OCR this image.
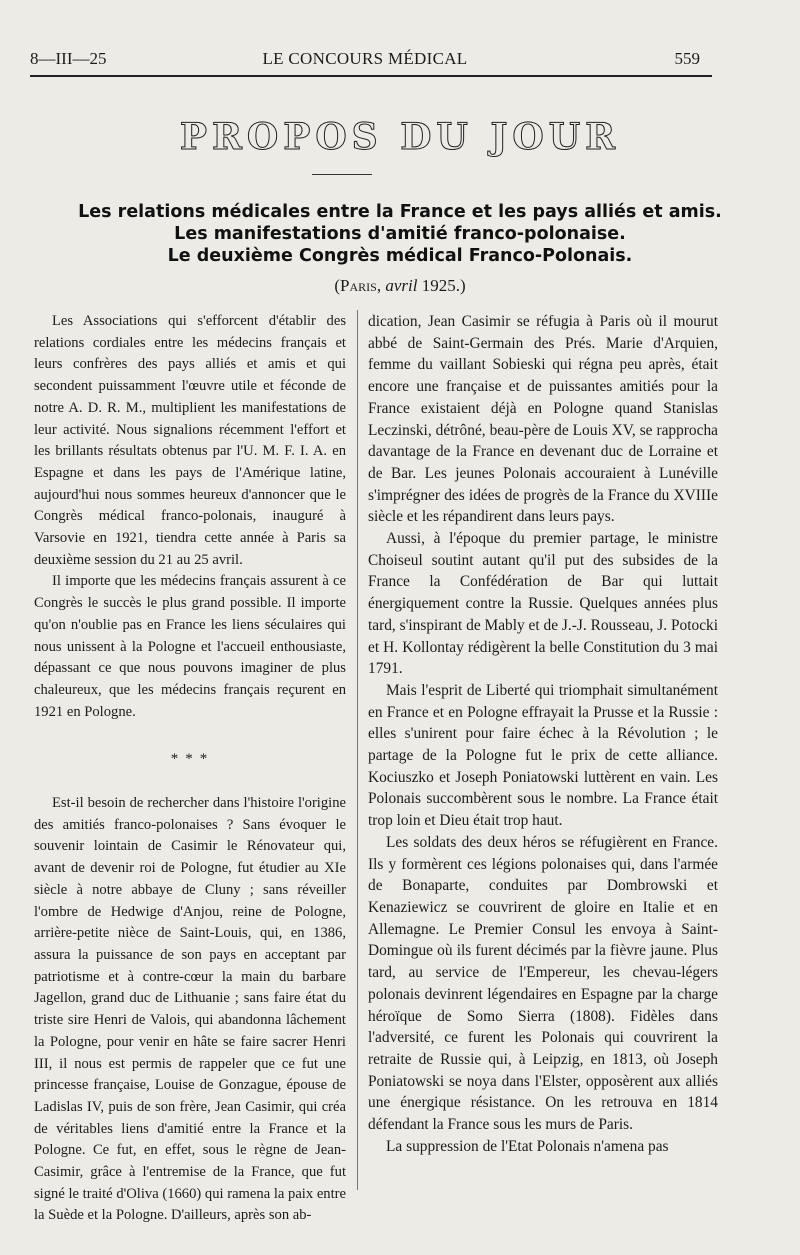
8—III—25	LE CONCOURS MÉDICAL	559
PROPOS DU JOUR
Les relations médicales entre la France et les pays alliés et amis.
Les manifestations d'amitié franco-polonaise.
Le deuxième Congrès médical Franco-Polonais.
(Paris, avril 1925.)

Les Associations qui s'efforcent d'établir des relations cordiales entre les médecins français et leurs confrères des pays alliés et amis et qui secondent puissamment l'œuvre utile et féconde de notre A. D. R. M., multiplient les manifestations de leur activité. Nous signalions récemment l'effort et les brillants résultats obtenus par l'U. M. F. I. A. en Espagne et dans les pays de l'Amérique latine, aujourd'hui nous sommes heureux d'annoncer que le Congrès médical franco-polonais, inauguré à Varsovie en 1921, tiendra cette année à Paris sa deuxième session du 21 au 25 avril.

Il importe que les médecins français assurent à ce Congrès le succès le plus grand possible. Il importe qu'on n'oublie pas en France les liens séculaires qui nous unissent à la Pologne et l'accueil enthousiaste, dépassant ce que nous pouvons imaginer de plus chaleureux, que les médecins français reçurent en 1921 en Pologne.

* * *

Est-il besoin de rechercher dans l'histoire l'origine des amitiés franco-polonaises ? Sans évoquer le souvenir lointain de Casimir le Rénovateur qui, avant de devenir roi de Pologne, fut étudier au XIe siècle à notre abbaye de Cluny ; sans réveiller l'ombre de Hedwige d'Anjou, reine de Pologne, arrière-petite nièce de Saint-Louis, qui, en 1386, assura la puissance de son pays en acceptant par patriotisme et à contre-cœur la main du barbare Jagellon, grand duc de Lithuanie ; sans faire état du triste sire Henri de Valois, qui abandonna lâchement la Pologne, pour venir en hâte se faire sacrer Henri III, il nous est permis de rappeler que ce fut une princesse française, Louise de Gonzague, épouse de Ladislas IV, puis de son frère, Jean Casimir, qui créa de véritables liens d'amitié entre la France et la Pologne. Ce fut, en effet, sous le règne de Jean-Casimir, grâce à l'entremise de la France, que fut signé le traité d'Oliva (1660) qui ramena la paix entre la Suède et la Pologne. D'ailleurs, après son ab-

dication, Jean Casimir se réfugia à Paris où il mourut abbé de Saint-Germain des Prés. Marie d'Arquien, femme du vaillant Sobieski qui régna peu après, était encore une française et de puissantes amitiés pour la France existaient déjà en Pologne quand Stanislas Leczinski, détrôné, beau-père de Louis XV, se rapprocha davantage de la France en devenant duc de Lorraine et de Bar. Les jeunes Polonais accouraient à Lunéville s'imprégner des idées de progrès de la France du XVIIIe siècle et les répandirent dans leurs pays.

Aussi, à l'époque du premier partage, le ministre Choiseul soutint autant qu'il put des subsides de la France la Confédération de Bar qui luttait énergiquement contre la Russie. Quelques années plus tard, s'inspirant de Mably et de J.-J. Rousseau, J. Potocki et H. Kollontay rédigèrent la belle Constitution du 3 mai 1791.

Mais l'esprit de Liberté qui triomphait simultanément en France et en Pologne effrayait la Prusse et la Russie : elles s'unirent pour faire échec à la Révolution ; le partage de la Pologne fut le prix de cette alliance. Kociuszko et Joseph Poniatowski luttèrent en vain. Les Polonais succombèrent sous le nombre. La France était trop loin et Dieu était trop haut.

Les soldats des deux héros se réfugièrent en France. Ils y formèrent ces légions polonaises qui, dans l'armée de Bonaparte, conduites par Dombrowski et Kenaziewicz se couvrirent de gloire en Italie et en Allemagne. Le Premier Consul les envoya à Saint-Domingue où ils furent décimés par la fièvre jaune. Plus tard, au service de l'Empereur, les chevau-légers polonais devinrent légendaires en Espagne par la charge héroïque de Somo Sierra (1808). Fidèles dans l'adversité, ce furent les Polonais qui couvrirent la retraite de Russie qui, à Leipzig, en 1813, où Joseph Poniatowski se noya dans l'Elster, opposèrent aux alliés une énergique résistance. On les retrouva en 1814 défendant la France sous les murs de Paris.

La suppression de l'Etat Polonais n'amena pas
